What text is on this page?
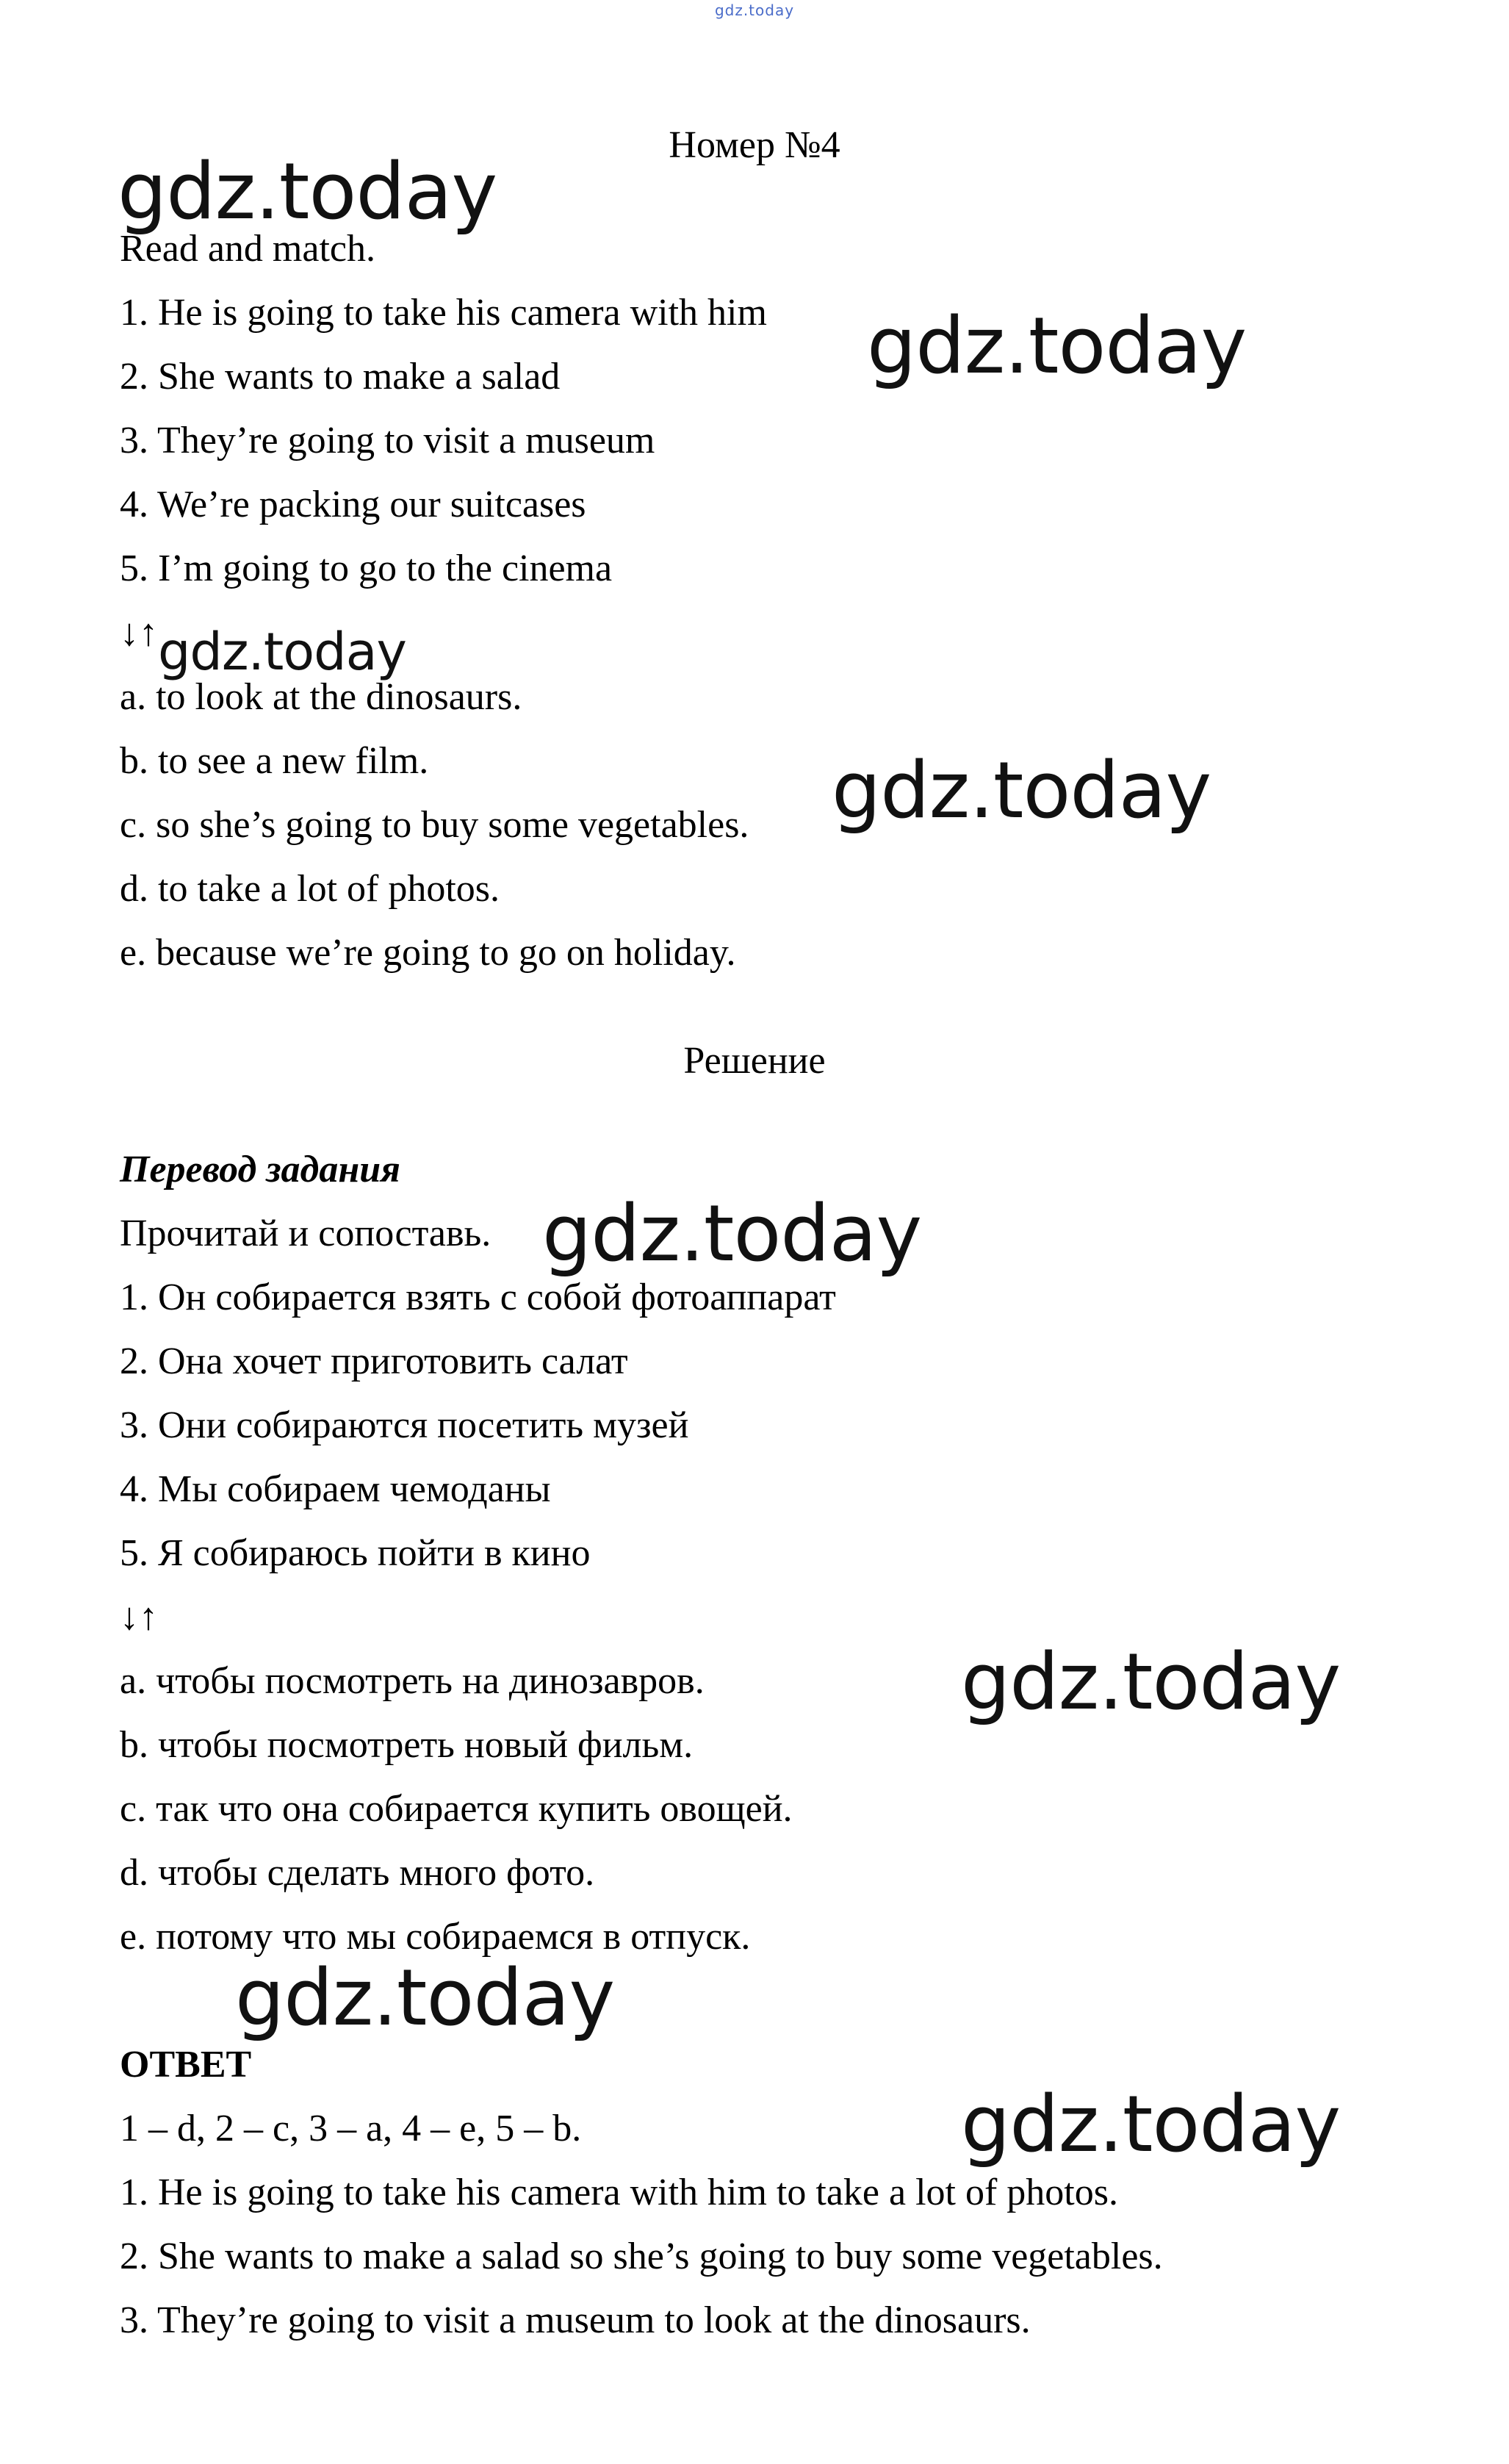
gdz.today
Номер №4
Read and match.
1. He is going to take his camera with him
2. She wants to make a salad
3. They’re going to visit a museum
4. We’re packing our suitcases
5. I’m going to go to the cinema
↓↑
a. to look at the dinosaurs.
b. to see a new film.
c. so she’s going to buy some vegetables.
d. to take a lot of photos.
e. because we’re going to go on holiday.
Решение
Перевод задания
Прочитай и сопоставь.
1. Он собирается взять с собой фотоаппарат
2. Она хочет приготовить салат
3. Они собираются посетить музей
4. Мы собираем чемоданы
5. Я собираюсь пойти в кино
↓↑
a. чтобы посмотреть на динозавров.
b. чтобы посмотреть новый фильм.
c. так что она собирается купить овощей.
d. чтобы сделать много фото.
e. потому что мы собираемся в отпуск.
ОТВЕТ
1 – d, 2 – c, 3 – a, 4 – e, 5 – b.
1. He is going to take his camera with him to take a lot of photos.
2. She wants to make a salad so she’s going to buy some vegetables.
3. They’re going to visit a museum to look at the dinosaurs.
gdz.today
gdz.today
gdz.today
gdz.today
gdz.today
gdz.today
gdz.today
gdz.today
